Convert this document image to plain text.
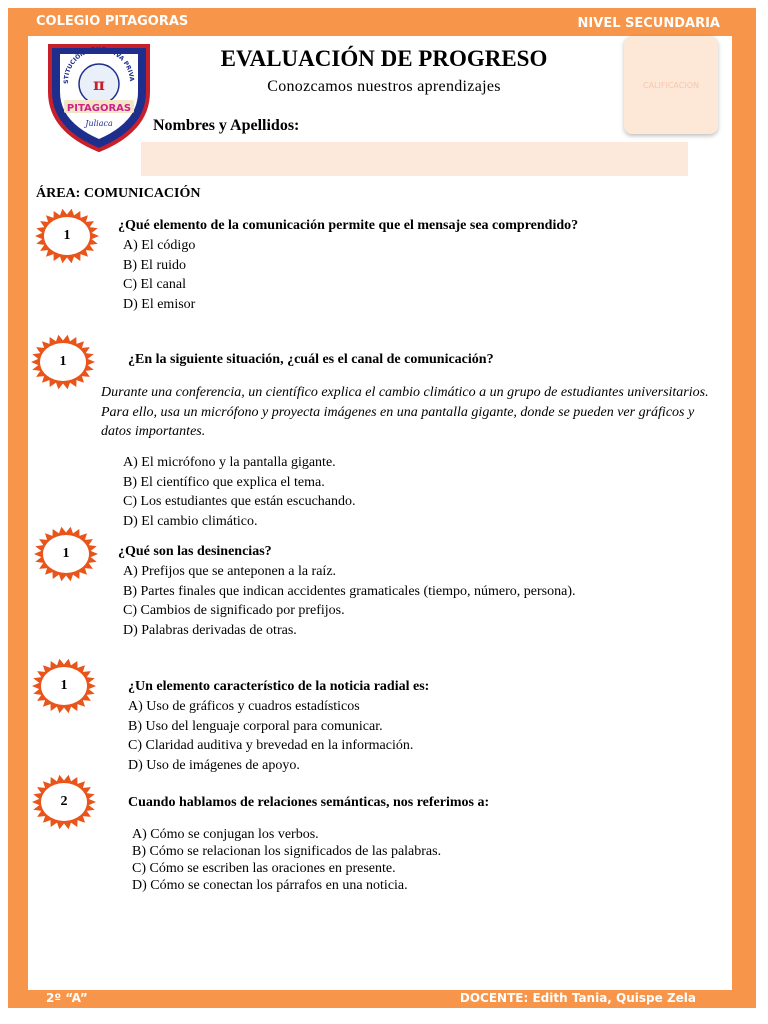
COLEGIO PITAGORAS	NIVEL SECUNDARIA
π
PITAGORAS
Juliaca
STITUCIÓN EDUCATIVA PRIVA
EVALUACIÓN DE PROGRESO
Conozcamos nuestros aprendizajes	CALIFICACION
Nombres y Apellidos:
ÁREA: COMUNICACIÓN
1
¿Qué elemento de la comunicación permite que el mensaje sea comprendido?
A) El código
B) El ruido
C) El canal
D) El emisor
1	¿En la siguiente situación, ¿cuál es el canal de comunicación?
Durante una conferencia, un científico explica el cambio climático a un grupo de estudiantes universitarios. Para ello, usa un micrófono y proyecta imágenes en una pantalla gigante, donde se pueden ver gráficos y datos importantes.
A) El micrófono y la pantalla gigante.
B) El científico que explica el tema.
C) Los estudiantes que están escuchando.
D) El cambio climático.
1	¿Qué son las desinencias?
A) Prefijos que se anteponen a la raíz.
B) Partes finales que indican accidentes gramaticales (tiempo, número, persona).
C) Cambios de significado por prefijos.
D) Palabras derivadas de otras.
1	¿Un elemento característico de la noticia radial es:
A) Uso de gráficos y cuadros estadísticos
B) Uso del lenguaje corporal para comunicar.
C) Claridad auditiva y brevedad en la información.
D) Uso de imágenes de apoyo.
2	Cuando hablamos de relaciones semánticas, nos referimos a:
A) Cómo se conjugan los verbos.
B) Cómo se relacionan los significados de las palabras.
C) Cómo se escriben las oraciones en presente.
D) Cómo se conectan los párrafos en una noticia.
2º “A”	DOCENTE: Edith Tania, Quispe Zela
